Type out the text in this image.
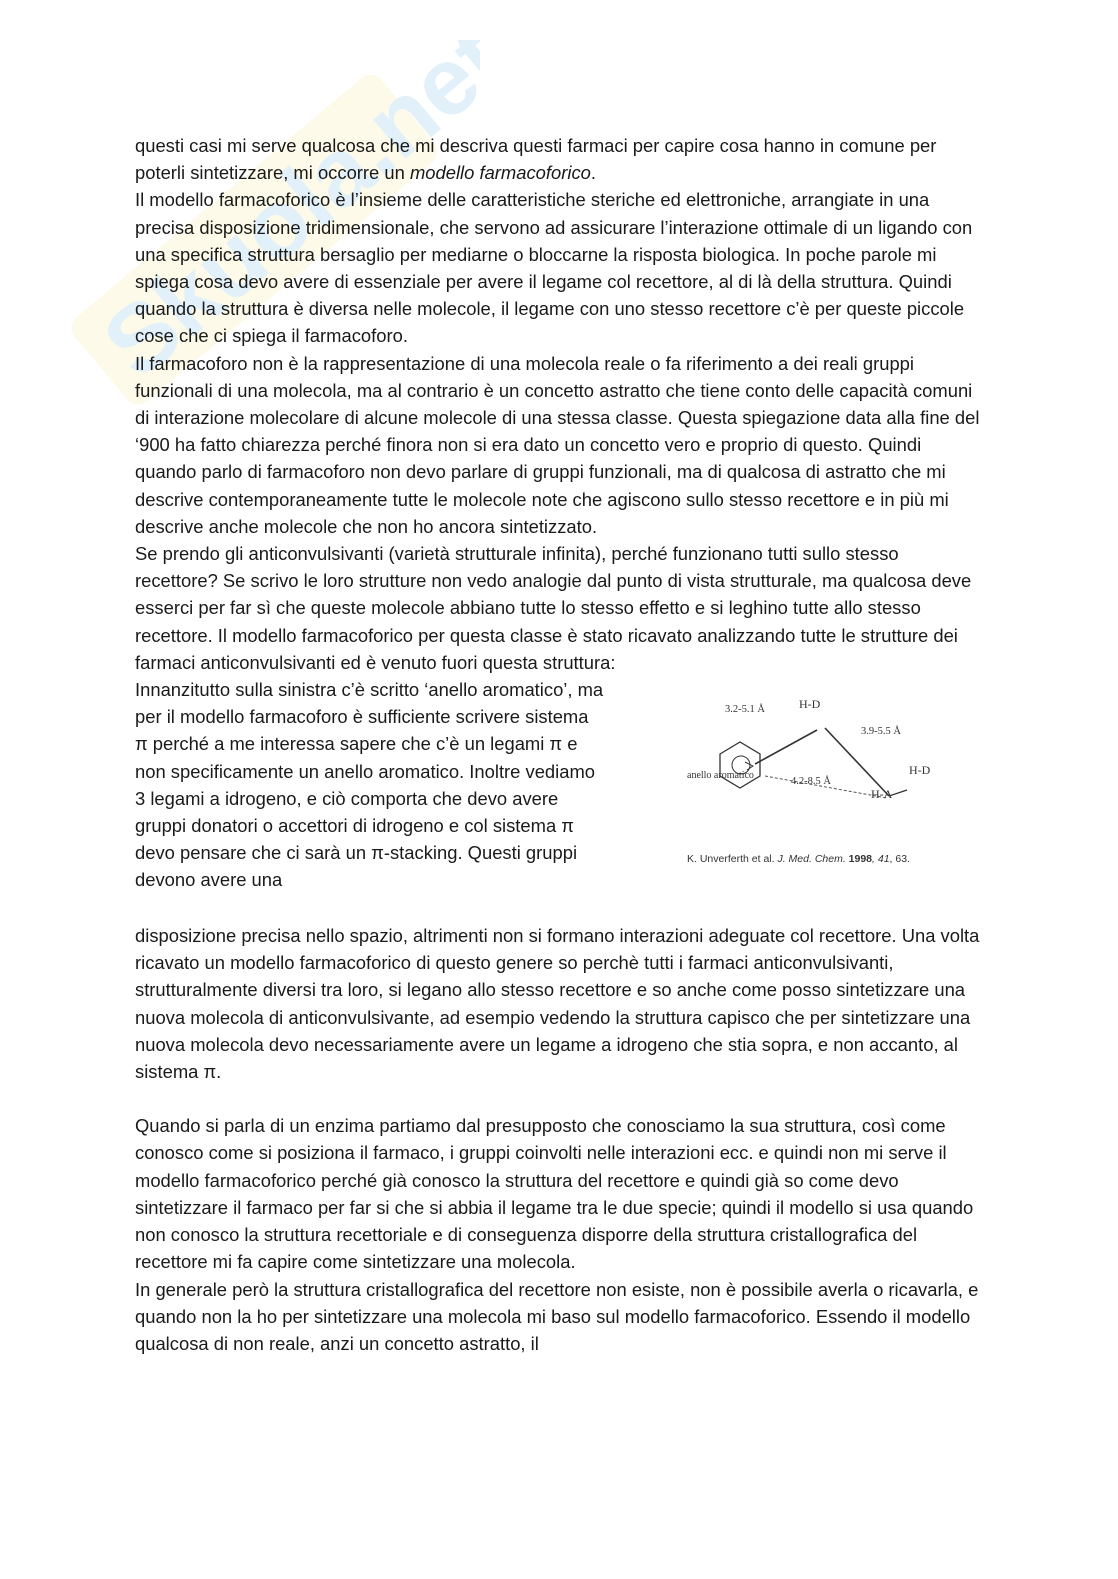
Skuola.net

questi casi mi serve qualcosa che mi descriva questi farmaci per capire cosa hanno in comune per poterli sintetizzare, mi occorre un modello farmacoforico.

Il modello farmacoforico è l’insieme delle caratteristiche steriche ed elettroniche, arrangiate in una precisa disposizione tridimensionale, che servono ad assicurare l’interazione ottimale di un ligando con una specifica struttura bersaglio per mediarne o bloccarne la risposta biologica. In poche parole mi spiega cosa devo avere di essenziale per avere il legame col recettore, al di là della struttura. Quindi quando la struttura è diversa nelle molecole, il legame con uno stesso recettore c’è per queste piccole cose che ci spiega il farmacoforo.

Il farmacoforo non è la rappresentazione di una molecola reale o fa riferimento a dei reali gruppi funzionali di una molecola, ma al contrario è un concetto astratto che tiene conto delle capacità comuni di interazione molecolare di alcune molecole di una stessa classe. Questa spiegazione data alla fine del ‘900 ha fatto chiarezza perché finora non si era dato un concetto vero e proprio di questo. Quindi quando parlo di farmacoforo non devo parlare di gruppi funzionali, ma di qualcosa di astratto che mi descrive contemporaneamente tutte le molecole note che agiscono sullo stesso recettore e in più mi descrive anche molecole che non ho ancora sintetizzato.

Se prendo gli anticonvulsivanti (varietà strutturale infinita), perché funzionano tutti sullo stesso recettore? Se scrivo le loro strutture non vedo analogie dal punto di vista strutturale, ma qualcosa deve esserci per far sì che queste molecole abbiano tutte lo stesso effetto e si leghino tutte allo stesso recettore. Il modello farmacoforico per questa classe è stato ricavato analizzando tutte le strutture dei farmaci anticonvulsivanti ed è venuto fuori questa struttura:

Innanzitutto sulla sinistra c’è scritto ‘anello aromatico’, ma per il modello farmacoforo è sufficiente scrivere sistema π perché a me interessa sapere che c’è un legami π e non specificamente un anello aromatico. Inoltre vediamo 3 legami a idrogeno, e ciò comporta che devo avere gruppi donatori o accettori di idrogeno e col sistema π devo pensare che ci sarà un π-stacking. Questi gruppi devono avere una

3.2-5.1 Å	H-D
3.9-5.5 Å
H-D
anello aromatico
4.2-8.5 Å
H-A
K. Unverferth et al. J. Med. Chem. 1998, 41, 63.

disposizione precisa nello spazio, altrimenti non si formano interazioni adeguate col recettore. Una volta ricavato un modello farmacoforico di questo genere so perchè tutti i farmaci anticonvulsivanti, strutturalmente diversi tra loro, si legano allo stesso recettore e so anche come posso sintetizzare una nuova molecola di anticonvulsivante, ad esempio vedendo la struttura capisco che per sintetizzare una nuova molecola devo necessariamente avere un legame a idrogeno che stia sopra, e non accanto, al sistema π.

Quando si parla di un enzima partiamo dal presupposto che conosciamo la sua struttura, così come conosco come si posiziona il farmaco, i gruppi coinvolti nelle interazioni ecc. e quindi non mi serve il modello farmacoforico perché già conosco la struttura del recettore e quindi già so come devo sintetizzare il farmaco per far si che si abbia il legame tra le due specie; quindi il modello si usa quando non conosco la struttura recettoriale e di conseguenza disporre della struttura cristallografica del recettore mi fa capire come sintetizzare una molecola.

In generale però la struttura cristallografica del recettore non esiste, non è possibile averla o ricavarla, e quando non la ho per sintetizzare una molecola mi baso sul modello farmacoforico. Essendo il modello qualcosa di non reale, anzi un concetto astratto, il
